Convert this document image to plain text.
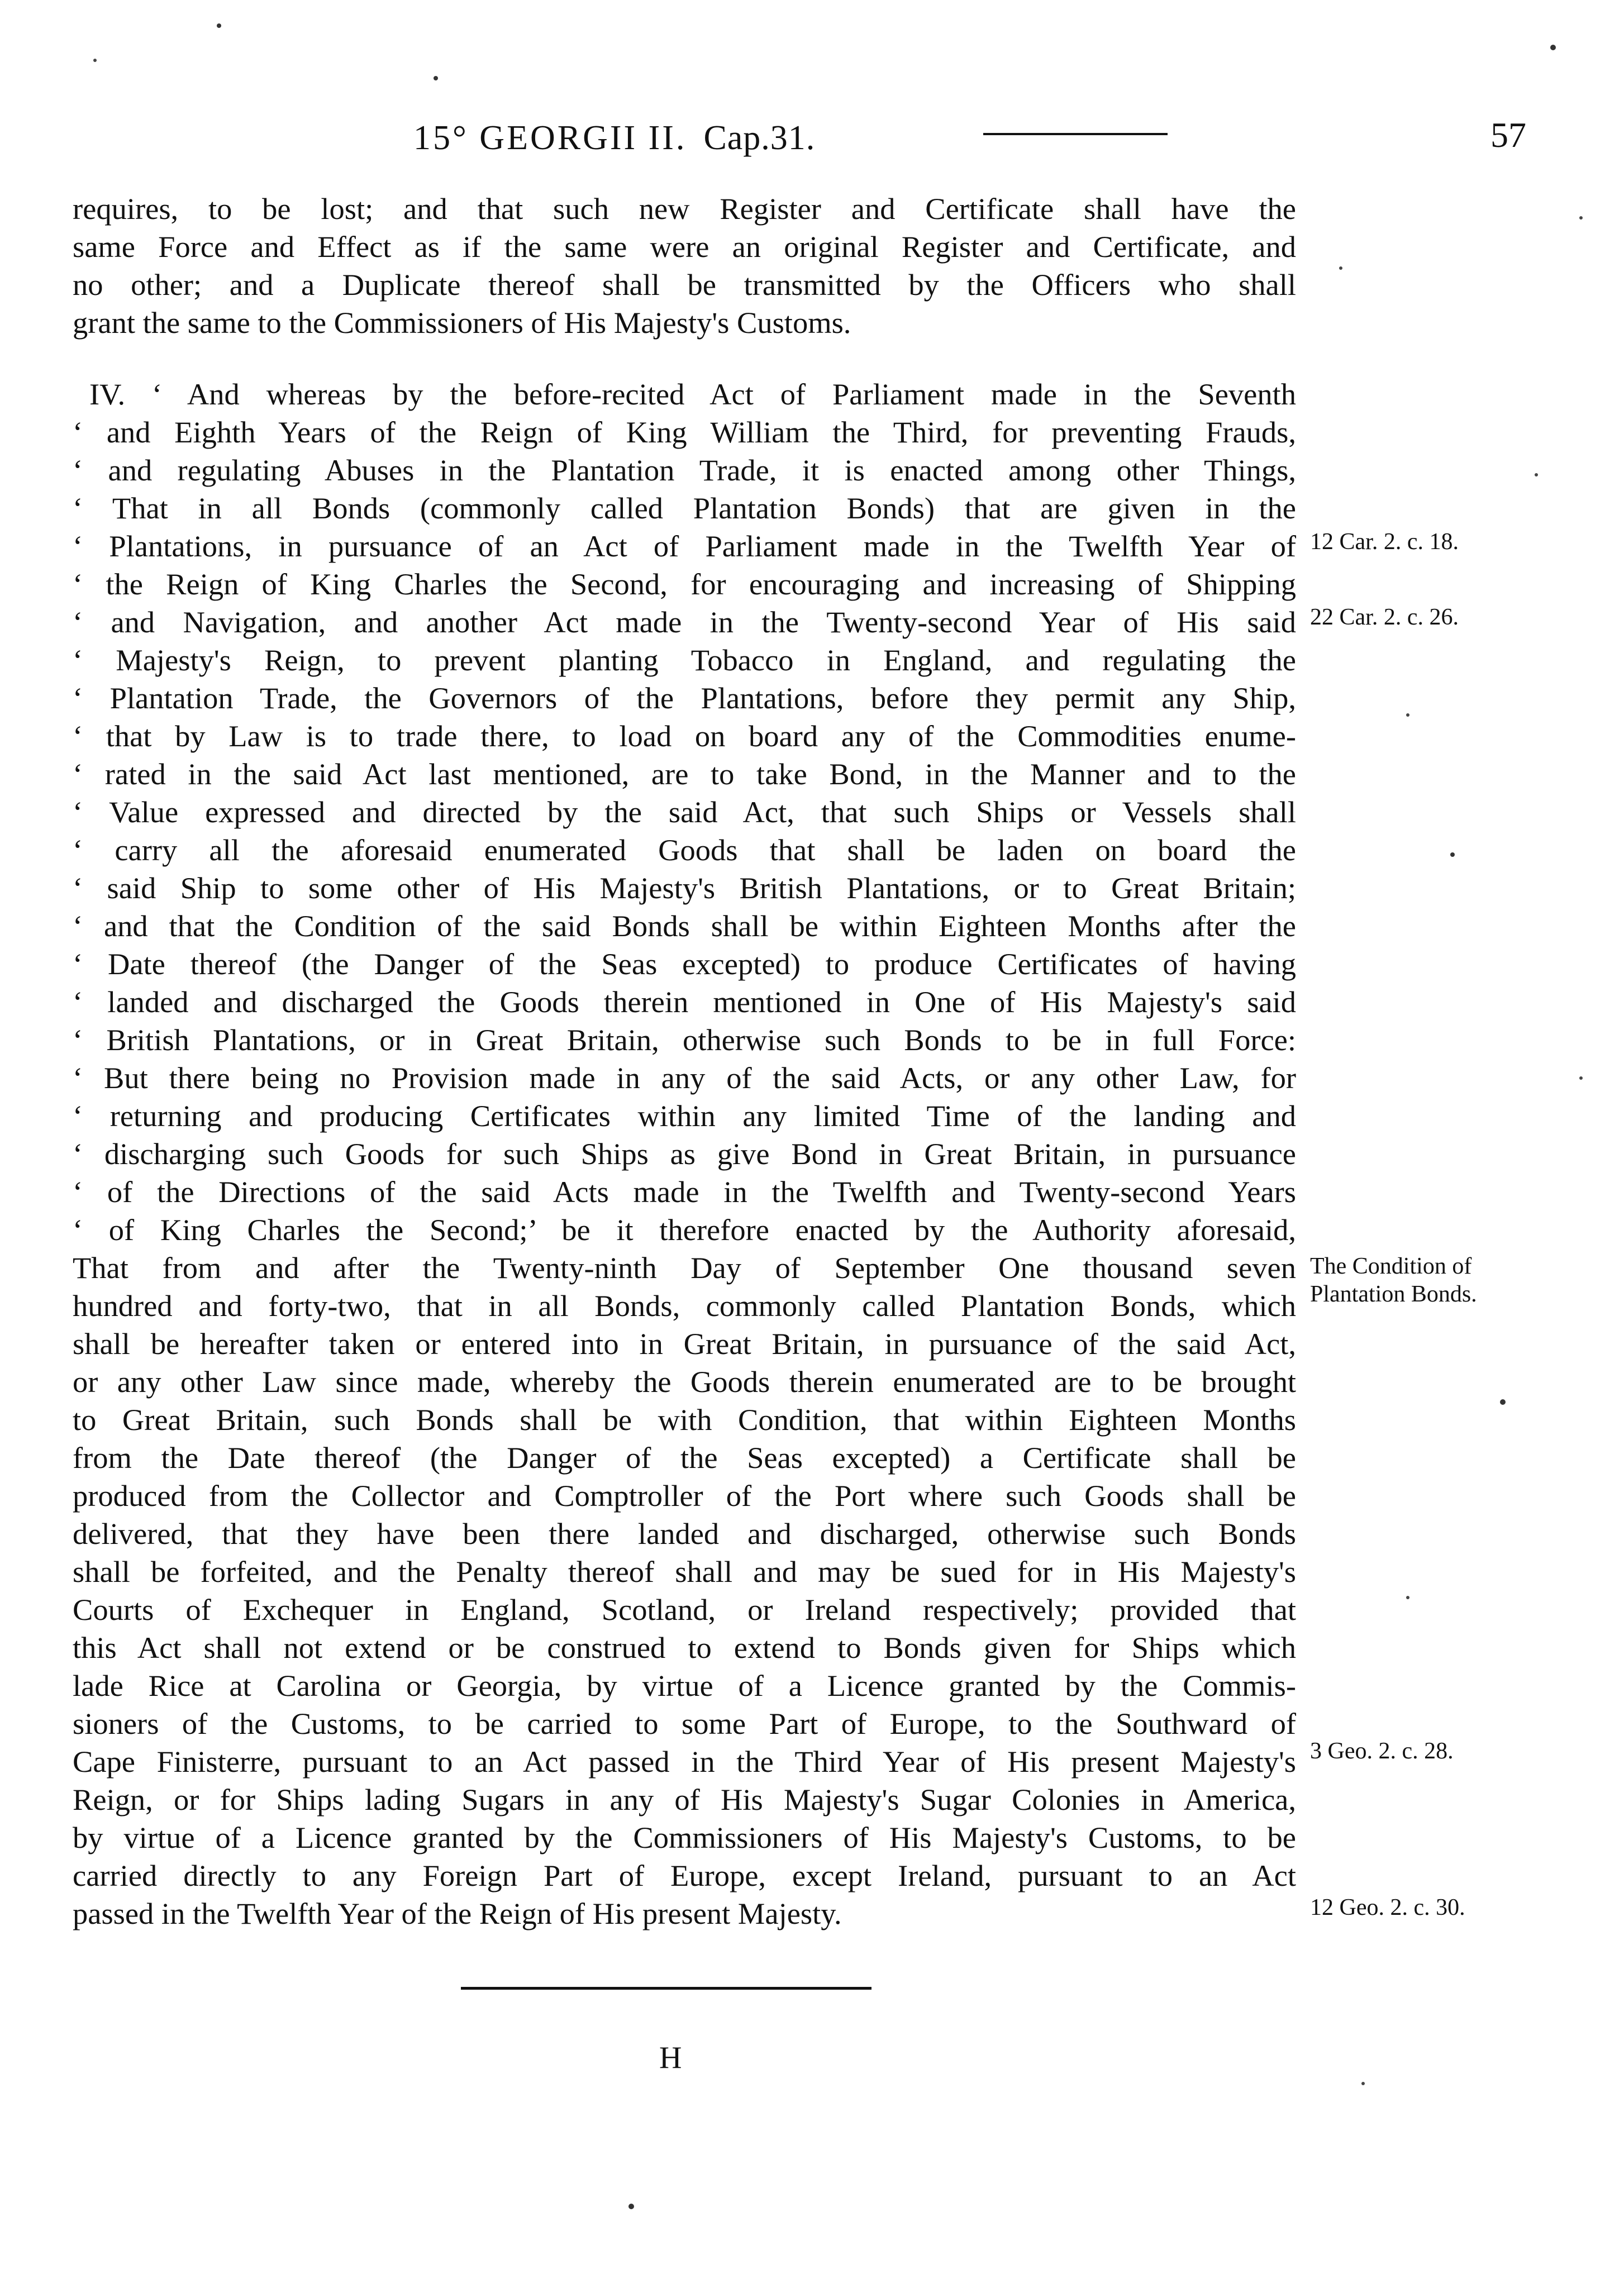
15° GEORGII II. Cap.31.	57
requires, to be lost; and that such new Register and Certificate shall have the
same Force and Effect as if the same were an original Register and Certificate, and
no other; and a Duplicate thereof shall be transmitted by the Officers who shall
grant the same to the Commissioners of His Majesty's Customs.
IV. ‘ And whereas by the before-recited Act of Parliament made in the Seventh
‘ and Eighth Years of the Reign of King William the Third, for preventing Frauds,
‘ and regulating Abuses in the Plantation Trade, it is enacted among other Things,
‘ That in all Bonds (commonly called Plantation Bonds) that are given in the
‘ Plantations, in pursuance of an Act of Parliament made in the Twelfth Year of
‘ the Reign of King Charles the Second, for encouraging and increasing of Shipping
‘ and Navigation, and another Act made in the Twenty-second Year of His said
‘ Majesty's Reign, to prevent planting Tobacco in England, and regulating the
‘ Plantation Trade, the Governors of the Plantations, before they permit any Ship,
‘ that by Law is to trade there, to load on board any of the Commodities enume-
‘ rated in the said Act last mentioned, are to take Bond, in the Manner and to the
‘ Value expressed and directed by the said Act, that such Ships or Vessels shall
‘ carry all the aforesaid enumerated Goods that shall be laden on board the
‘ said Ship to some other of His Majesty's British Plantations, or to Great Britain;
‘ and that the Condition of the said Bonds shall be within Eighteen Months after the
‘ Date thereof (the Danger of the Seas excepted) to produce Certificates of having
‘ landed and discharged the Goods therein mentioned in One of His Majesty's said
‘ British Plantations, or in Great Britain, otherwise such Bonds to be in full Force:
‘ But there being no Provision made in any of the said Acts, or any other Law, for
‘ returning and producing Certificates within any limited Time of the landing and
‘ discharging such Goods for such Ships as give Bond in Great Britain, in pursuance
‘ of the Directions of the said Acts made in the Twelfth and Twenty-second Years
‘ of King Charles the Second;’ be it therefore enacted by the Authority aforesaid,
That from and after the Twenty-ninth Day of September One thousand seven
hundred and forty-two, that in all Bonds, commonly called Plantation Bonds, which
shall be hereafter taken or entered into in Great Britain, in pursuance of the said Act,
or any other Law since made, whereby the Goods therein enumerated are to be brought
to Great Britain, such Bonds shall be with Condition, that within Eighteen Months
from the Date thereof (the Danger of the Seas excepted) a Certificate shall be
produced from the Collector and Comptroller of the Port where such Goods shall be
delivered, that they have been there landed and discharged, otherwise such Bonds
shall be forfeited, and the Penalty thereof shall and may be sued for in His Majesty's
Courts of Exchequer in England, Scotland, or Ireland respectively; provided that
this Act shall not extend or be construed to extend to Bonds given for Ships which
lade Rice at Carolina or Georgia, by virtue of a Licence granted by the Commis-
sioners of the Customs, to be carried to some Part of Europe, to the Southward of
Cape Finisterre, pursuant to an Act passed in the Third Year of His present Majesty's
Reign, or for Ships lading Sugars in any of His Majesty's Sugar Colonies in America,
by virtue of a Licence granted by the Commissioners of His Majesty's Customs, to be
carried directly to any Foreign Part of Europe, except Ireland, pursuant to an Act
passed in the Twelfth Year of the Reign of His present Majesty.
12 Car. 2. c. 18.
22 Car. 2. c. 26.
The Condition of
Plantation Bonds.
3 Geo. 2. c. 28.
12 Geo. 2. c. 30.
H
